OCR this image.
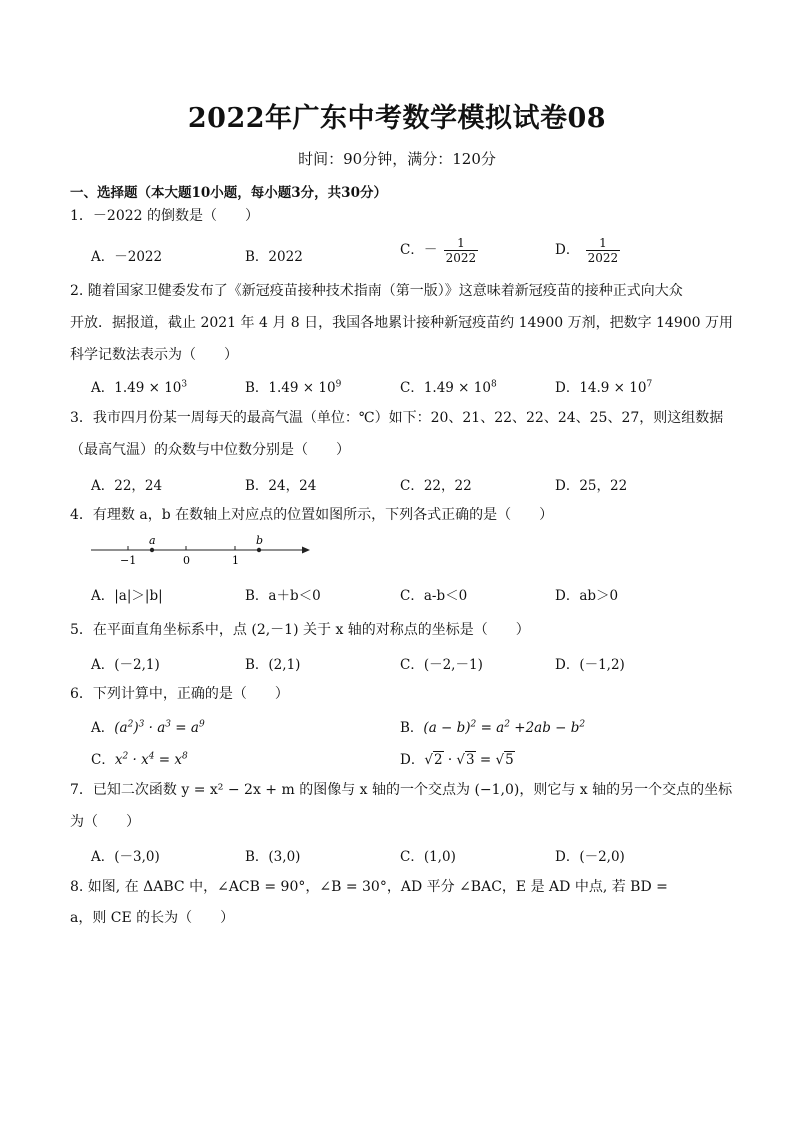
2022年广东中考数学模拟试卷08
时间：90分钟，满分：120分
一、选择题（本大题10小题，每小题3分，共30分）
1．－2022 的倒数是（　　）
A．－2022	B．2022	C．－ $\frac{1}{2022}$	D． $\frac{1}{2022}$
2. 随着国家卫健委发布了《新冠疫苗接种技术指南（第一版）》这意味着新冠疫苗的接种正式向大众
开放．据报道，截止 2021 年 4 月 8 日，我国各地累计接种新冠疫苗约 14900 万剂，把数字 14900 万用
科学记数法表示为（　　）
A．$1.49 \times 10^3$	B．$1.49 \times 10^9$	C．$1.49 \times 10^8$	D．$14.9 \times 10^7$
3．我市四月份某一周每天的最高气温（单位：℃）如下：20、21、22、22、24、25、27，则这组数据
（最高气温）的众数与中位数分别是（　　）
A．22，24	B．24，24	C．22，22	D．25，22
4．有理数 a，b 在数轴上对应点的位置如图所示，下列各式正确的是（　　）
a	b
−1	0	1
A．|a|＞|b|	B．a＋b＜0	C．a-b＜0	D．ab＞0
5．在平面直角坐标系中，点 (2,－1) 关于 x 轴的对称点的坐标是（　　）
A．(－2,1)	B．(2,1)	C．(－2,－1)	D．(－1,2)
6．下列计算中，正确的是（　　）
A．$(a^2)^3 \cdot a^3 = a^9$	B．$(a - b)^2 = a^2 +2ab - b^2$
C．$x^2 \cdot x^4 = x^8$	D．√2 · √3 = √5
7．已知二次函数 y = x² − 2x + m 的图像与 x 轴的一个交点为 (−1,0)，则它与 x 轴的另一个交点的坐标
为（　　）
A．(－3,0)	B．(3,0)	C．(1,0)	D．(－2,0)
8. 如图, 在 ΔABC 中，∠ACB = 90°，∠B = 30°，AD 平分 ∠BAC，E 是 AD 中点, 若 BD =
a，则 CE 的长为（　　）
